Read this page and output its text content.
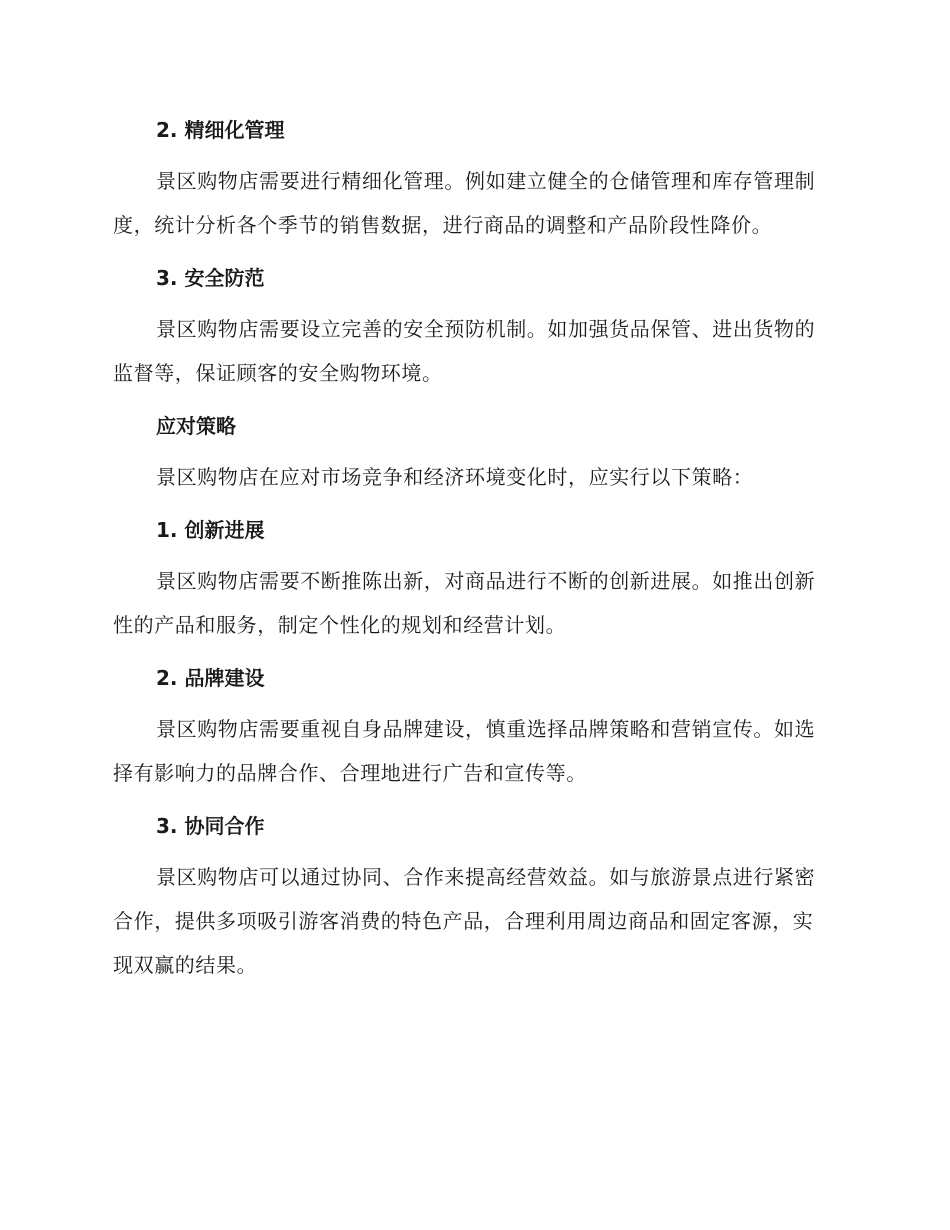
2. 精细化管理

景区购物店需要进行精细化管理。例如建立健全的仓储管理和库存管理制度，统计分析各个季节的销售数据，进行商品的调整和产品阶段性降价。

3. 安全防范

景区购物店需要设立完善的安全预防机制。如加强货品保管、进出货物的监督等，保证顾客的安全购物环境。

应对策略

景区购物店在应对市场竞争和经济环境变化时，应实行以下策略：

1. 创新进展

景区购物店需要不断推陈出新，对商品进行不断的创新进展。如推出创新性的产品和服务，制定个性化的规划和经营计划。

2. 品牌建设

景区购物店需要重视自身品牌建设，慎重选择品牌策略和营销宣传。如选择有影响力的品牌合作、合理地进行广告和宣传等。

3. 协同合作

景区购物店可以通过协同、合作来提高经营效益。如与旅游景点进行紧密合作，提供多项吸引游客消费的特色产品，合理利用周边商品和固定客源，实现双赢的结果。
